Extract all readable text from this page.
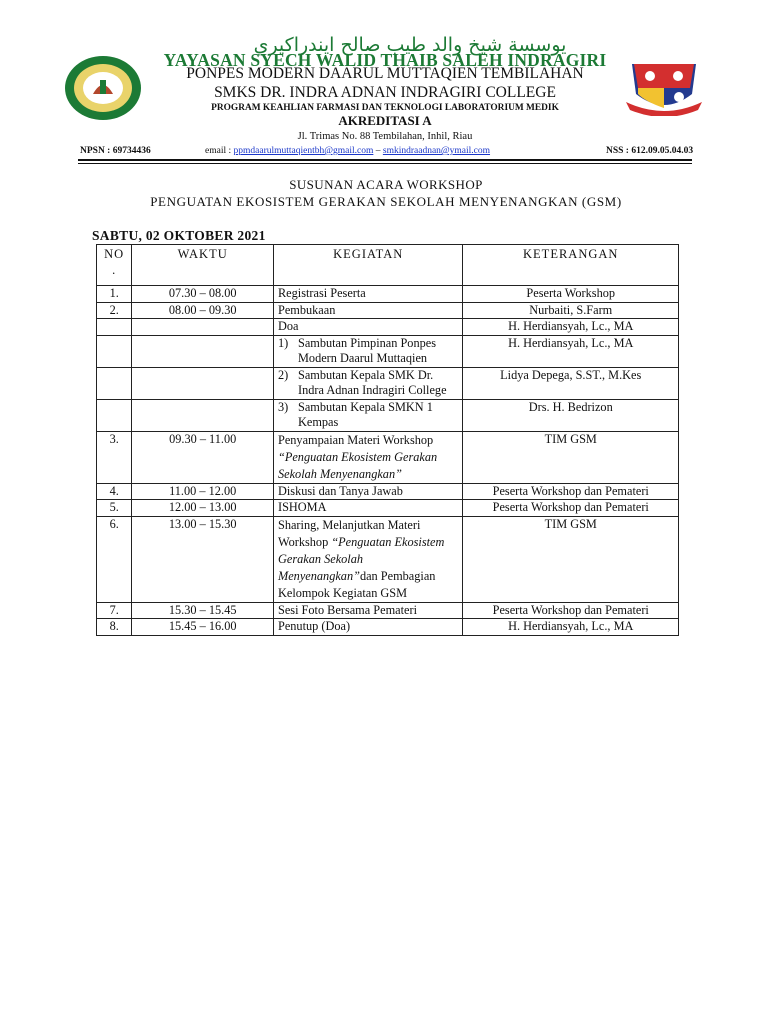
يوسسة شيخ والد طيب صالح ايندراكيري
YAYASAN SYECH WALID THAIB SALEH INDRAGIRI
PONPES MODERN DAARUL MUTTAQIEN TEMBILAHAN
SMKS DR. INDRA ADNAN INDRAGIRI COLLEGE
PROGRAM KEAHLIAN FARMASI DAN TEKNOLOGI LABORATORIUM MEDIK
AKREDITASI A
Jl. Trimas No. 88 Tembilahan, Inhil, Riau
NPSN : 69734436	email : ppmdaarulmuttaqientbh@gmail.com – smkindraadnan@ymail.com	NSS : 612.09.05.04.03
SUSUNAN ACARA WORKSHOP
PENGUATAN EKOSISTEM GERAKAN SEKOLAH MENYENANGKAN (GSM)
SABTU, 02 OKTOBER 2021
NO
.	WAKTU	KEGIATAN	KETERANGAN
1.	07.30 – 08.00	Registrasi Peserta	Peserta Workshop
2.	08.00 – 09.30	Pembukaan	Nurbaiti, S.Farm
		Doa	H. Herdiansyah, Lc., MA

		1) Sambutan Pimpinan Ponpes Modern Daarul Muttaqien	H. Herdiansyah, Lc., MA

		2) Sambutan Kepala SMK Dr. Indra Adnan Indragiri College	Lidya Depega, S.ST., M.Kes

		3) Sambutan Kepala SMKN 1 Kempas	Drs. H. Bedrizon
3.	09.30 – 11.00	Penyampaian Materi Workshop “Penguatan Ekosistem Gerakan Sekolah Menyenangkan”	TIM GSM
4.	11.00 – 12.00	Diskusi dan Tanya Jawab	Peserta Workshop dan Pemateri
5.	12.00 – 13.00	ISHOMA	Peserta Workshop dan Pemateri
6.	13.00 – 15.30	Sharing, Melanjutkan Materi Workshop “Penguatan Ekosistem Gerakan Sekolah Menyenangkan”dan Pembagian Kelompok Kegiatan GSM	TIM GSM
7.	15.30 – 15.45	Sesi Foto Bersama Pemateri	Peserta Workshop dan Pemateri
8.	15.45 – 16.00	Penutup (Doa)	H. Herdiansyah, Lc., MA
